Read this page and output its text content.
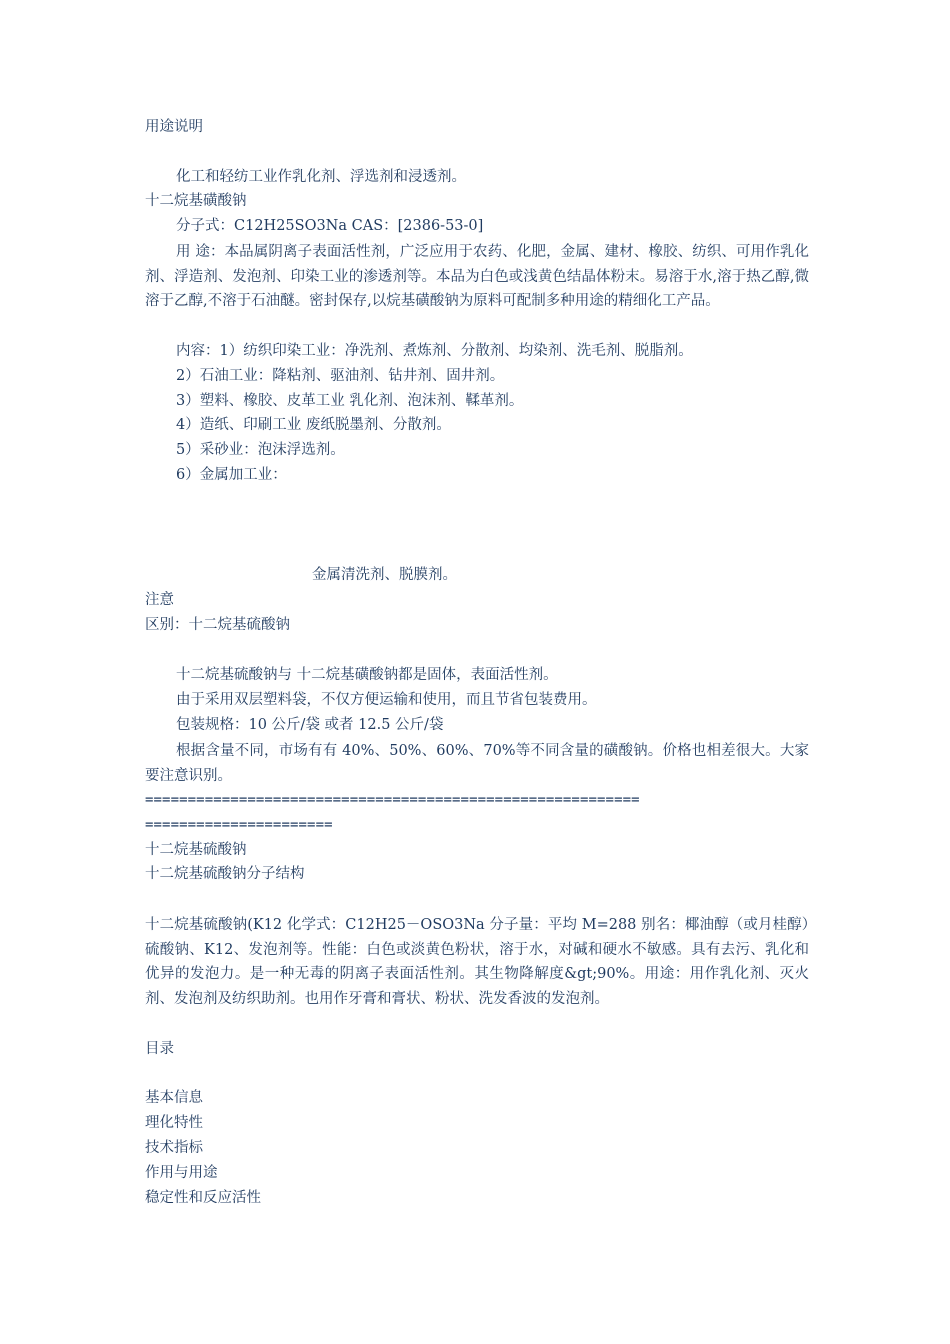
用途说明
化工和轻纺工业作乳化剂、浮选剂和浸透剂。
十二烷基磺酸钠
分子式：C12H25SO3Na CAS：[2386-53-0]
用 途：本品属阴离子表面活性剂，广泛应用于农药、化肥，金属、建材、橡胶、纺织、可用作乳化剂、浮造剂、发泡剂、印染工业的渗透剂等。本品为白色或浅黄色结晶体粉末。易溶于水,溶于热乙醇,微溶于乙醇,不溶于石油醚。密封保存,以烷基磺酸钠为原料可配制多种用途的精细化工产品。
内容：1）纺织印染工业：净洗剂、煮炼剂、分散剂、均染剂、洗毛剂、脱脂剂。
2）石油工业：降粘剂、驱油剂、钻井剂、固井剂。
3）塑料、橡胶、皮革工业 乳化剂、泡沫剂、鞣革剂。
4）造纸、印刷工业 废纸脱墨剂、分散剂。
5）采砂业：泡沫浮选剂。
6）金属加工业：
金属清洗剂、脱膜剂。
注意
区别：十二烷基硫酸钠
十二烷基硫酸钠与 十二烷基磺酸钠都是固体，表面活性剂。
由于采用双层塑料袋，不仅方便运输和使用，而且节省包装费用。
包装规格：10 公斤/袋 或者 12.5 公斤/袋
根据含量不同，市场有有 40%、50%、60%、70%等不同含量的磺酸钠。价格也相差很大。大家要注意识别。
==========================================================
======================
十二烷基硫酸钠
十二烷基硫酸钠分子结构
十二烷基硫酸钠(K12 化学式：C12H25－OSO3Na 分子量：平均 M=288 别名：椰油醇（或月桂醇）硫酸钠、K12、发泡剂等。性能：白色或淡黄色粉状，溶于水，对碱和硬水不敏感。具有去污、乳化和优异的发泡力。是一种无毒的阴离子表面活性剂。其生物降解度&gt;90%。用途：用作乳化剂、灭火剂、发泡剂及纺织助剂。也用作牙膏和膏状、粉状、洗发香波的发泡剂。
目录
基本信息
理化特性
技术指标
作用与用途
稳定性和反应活性
